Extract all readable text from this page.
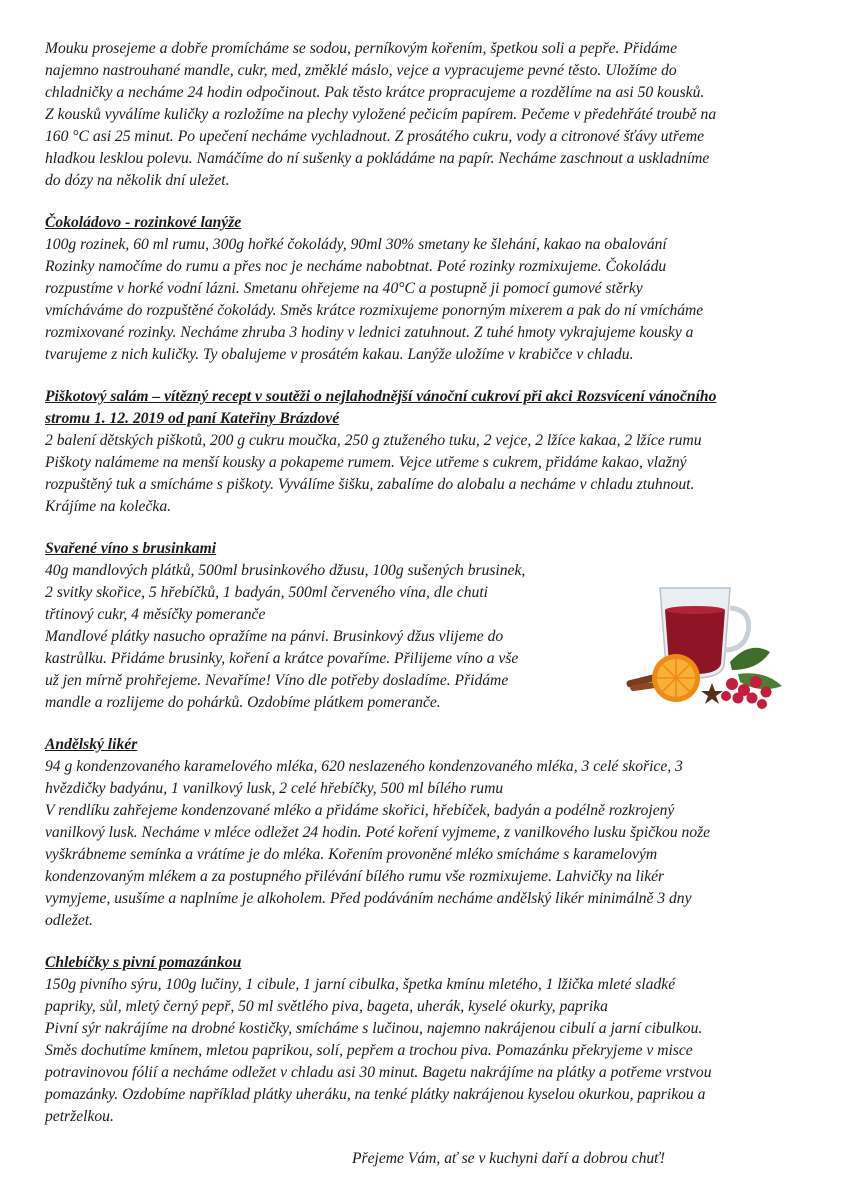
Mouku prosejeme a dobře promícháme se sodou, perníkovým kořením, špetkou soli a pepře. Přidáme

najemno nastrouhané mandle, cukr, med, změklé máslo, vejce a vypracujeme pevné těsto. Uložíme do

chladničky a necháme 24 hodin odpočinout. Pak těsto krátce propracujeme a rozdělíme na asi 50 kousků.

Z kousků vyválíme kuličky a rozložíme na plechy vyložené pečicím papírem. Pečeme v předehřáté troubě na

160 °C asi 25 minut. Po upečení necháme vychladnout. Z prosátého cukru, vody a citronové šťávy utřeme

hladkou lesklou polevu. Namáčíme do ní sušenky a pokládáme na papír. Necháme zaschnout a uskladníme

do dózy na několik dní uležet.

Čokoládovo - rozinkové lanýže

100g rozinek, 60 ml rumu, 300g hořké čokolády, 90ml 30% smetany ke šlehání, kakao na obalování

Rozinky namočíme do rumu a přes noc je necháme nabobtnat. Poté rozinky rozmixujeme. Čokoládu

rozpustíme v horké vodní lázni. Smetanu ohřejeme na 40°C a postupně ji pomocí gumové stěrky

vmícháváme do rozpuštěné čokolády. Směs krátce rozmixujeme ponorným mixerem a pak do ní vmícháme

rozmixované rozinky. Necháme zhruba 3 hodiny v lednici zatuhnout. Z tuhé hmoty vykrajujeme kousky a

tvarujeme z nich kuličky. Ty obalujeme v prosátém kakau. Lanýže uložíme v krabičce v chladu.

Piškotový salám – vítězný recept v soutěži o nejlahodnější vánoční cukroví při akci Rozsvícení vánočního
stromu 1. 12. 2019 od paní Kateřiny Brázdové

2 balení dětských piškotů, 200 g cukru moučka, 250 g ztuženého tuku, 2 vejce, 2 lžíce kakaa, 2 lžíce rumu

Piškoty nalámeme na menší kousky a pokapeme rumem. Vejce utřeme s cukrem, přidáme kakao, vlažný

rozpuštěný tuk a smícháme s piškoty. Vyválíme šišku, zabalíme do alobalu a necháme v chladu ztuhnout.

Krájíme na kolečka.

Svařené víno s brusinkami

40g mandlových plátků, 500ml brusinkového džusu, 100g sušených brusinek,

2 svitky skořice, 5 hřebíčků, 1 badyán, 500ml červeného vína, dle chuti

třtinový cukr, 4 měsíčky pomeranče

Mandlové plátky nasucho opražíme na pánvi. Brusinkový džus vlijeme do

kastrůlku. Přidáme brusinky, koření a krátce povaříme. Přilijeme víno a vše

už jen mírně prohřejeme. Nevaříme! Víno dle potřeby dosladíme. Přidáme

mandle a rozlijeme do pohárků. Ozdobíme plátkem pomeranče.

Andělský likér

94 g kondenzovaného karamelového mléka, 620 neslazeného kondenzovaného mléka, 3 celé skořice, 3

hvězdičky badyánu, 1 vanilkový lusk, 2 celé hřebíčky, 500 ml bílého rumu

V rendlíku zahřejeme kondenzované mléko a přidáme skořici, hřebíček, badyán a podélně rozkrojený

vanilkový lusk. Necháme v mléce odležet 24 hodin. Poté koření vyjmeme, z vanilkového lusku špičkou nože

vyškrábneme semínka a vrátíme je do mléka. Kořením provoněné mléko smícháme s karamelovým

kondenzovaným mlékem a za postupného přilévání bílého rumu vše rozmixujeme. Lahvičky na likér

vymyjeme, usušíme a naplníme je alkoholem. Před podáváním necháme andělský likér minimálně 3 dny

odležet.

Chlebíčky s pivní pomazánkou

150g pivního sýru, 100g lučiny, 1 cibule, 1 jarní cibulka, špetka kmínu mletého, 1 lžička mleté sladké

papriky, sůl, mletý černý pepř, 50 ml světlého piva, bageta, uherák, kyselé okurky, paprika

Pivní sýr nakrájíme na drobné kostičky, smícháme s lučinou, najemno nakrájenou cibulí a jarní cibulkou.

Směs dochutíme kmínem, mletou paprikou, solí, pepřem a trochou piva. Pomazánku překryjeme v misce

potravinovou fólií a necháme odležet v chladu asi 30 minut. Bagetu nakrájíme na plátky a potřeme vrstvou

pomazánky. Ozdobíme například plátky uheráku, na tenké plátky nakrájenou kyselou okurkou, paprikou a

petrželkou.

Přejeme Vám, ať se v kuchyni daří a dobrou chuť!
